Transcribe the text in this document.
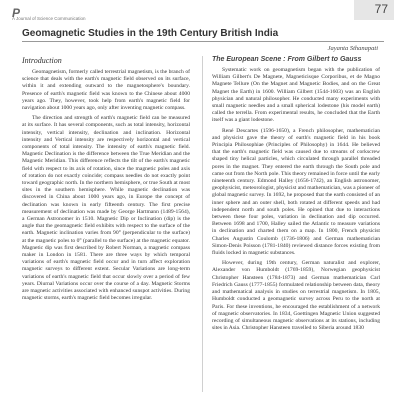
77
P
A Journal of Science Communication
Geomagnetic Studies in the 19th Century British India
Jayanta Sthanapati
Introduction

Geomagnetism, formerly called terrestrial magnetism, is the branch of science that deals with the earth's magnetic field observed on its surface, within it and extending outward to the magnetosphere's boundary. Presence of earth's magnetic field was known to the Chinese about 4000 years ago. They, however, took help from earth's magnetic field for navigation about 1000 years ago, only after inventing magnetic compass.

The direction and strength of earth's magnetic field can be measured at its surface. It has several components, such as total intensity, horizontal intensity, vertical intensity, declination and inclination. Horizontal intensity and Vertical intensity are respectively horizontal and vertical components of total intensity. The intensity of earth's magnetic field. Magnetic Declination is the difference between the True Meridian and the Magnetic Meridian. This difference reflects the tilt of the earth's magnetic field with respect to its axis of rotation, since the magnetic poles and axis of rotation do not exactly coincide; compass needles do not exactly point toward geographic north. In the northern hemisphere, or true South at most sites in the southern hemisphere. While magnetic declination was discovered in China about 1000 years ago, in Europe the concept of declination was known in early fifteenth century. The first precise measurement of declination was made by George Hartmann (1489-1564), a German Astronomer in 1510. Magnetic Dip or Inclination (dip) is the angle that the geomagnetic field exhibits with respect to the surface of the earth. Magnetic inclination varies from 90° (perpendicular to the surface) at the magnetic poles to 0° (parallel to the surface) at the magnetic equator. Magnetic dip was first described by Robert Norman, a magnetic compass maker in London in 1581. There are three ways by which temporal variations of earth's magnetic field occur and in turn affect exploration magnetic surveys to different extent. Secular Variations are long-term variations of earth's magnetic field that occur slowly over a period of few years. Diurnal Variations occur over the course of a day. Magnetic Storms are magnetic activities associated with enhanced sunspot activities. During magnetic storms, earth's magnetic field becomes irregular.

The European Scene : From Gilbert to Gauss

Systematic work on geomagnetism began with the publication of William Gilbert's De Magnete, Magneticisque Corporibus, et de Magno Magnete Tellure (On the Magnet and Magnetic Bodies, and on the Great Magnet the Earth) in 1600. William Gilbert (1544-1603) was an English physician and natural philosopher. He conducted many experiments with small magnetic needles and a small spherical lodestone (his model earth) called the terrella. From experimental results, he concluded that the Earth itself was a giant lodestone.

René Descartes (1596-1650), a French philosopher, mathematician and physicist gave the theory of earth's magnetic field in his book Principia Philosophiae (Principles of Philosophy) in 1644. He believed that the earth's magnetic field was caused due to streams of corkscrew shaped tiny helical particles, which circulated through parallel threaded pores in the magnet. They entered the earth through the South pole and came out from the North pole. This theory remained in force until the early nineteenth century. Edmond Halley (1656-1742), an English astronomer, geophysicist, meteorologist, physicist and mathematician, was a pioneer of global magnetic survey. In 1692, he proposed that the earth consisted of an inner sphere and an outer shell, both rotated at different speeds and had independent north and south poles. He opined that due to interactions between these four poles, variation in declination and dip occurred. Between 1698 and 1700, Halley sailed the Atlantic to measure variations in declination and charted them on a map. In 1800, French physicist Charles Augustin Coulomb (1736-1806) and German mathematician Simon-Denis Poisson (1781-1840) reviewed distance forces existing from fluids locked in magnetic substances.

However, during 19th century, German naturalist and explorer, Alexander von Humboldt (1769-1859), Norwegian geophysicist Christopher Hansteen (1784-1873) and German mathematician Carl Friedrich Gauss (1777-1855) formulated relationship between data, theory and mathematical analysis in studies on terrestrial magnetism. In 1805, Humboldt conducted a geomagnetic survey across Peru to the north at Paris. For these inventions, he encouraged the establishment of a network of magnetic observatories. In 1834, Goettingen Magnetic Union suggested recording of simultaneous magnetic observations at its stations, including sites in Asia. Christopher Hansteen travelled to Siberia around 1830
